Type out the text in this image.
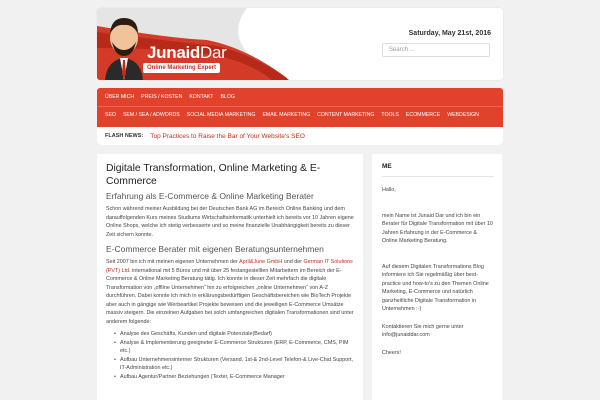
JunaidDar
Online Marketing Expert
Saturday, May 21st, 2016
Search ...
ÜBER MICH PREIS / KOSTEN KONTAKT BLOG
SEO SEM / SEA / ADWORDS SOCIAL MEDIA MARKETING EMAIL MARKETING CONTENT MARKETING TOOLS ECOMMERCE WEBDESIGN
FLASH NEWS: Top Practices to Raise the Bar of Your Website's SEO
Digitale Transformation, Online Marketing & E-Commerce
Erfahrung als E-Commerce & Online Marketing Berater
Schon während meiner Ausbildung bei der Deutschen Bank AG im Bereich Online Banking und dem darauffolgenden Kurs meines Studiums Wirtschaftsinformatik unterhielt ich bereits vor 10 Jahren eigene Online Shops, welche ich stetig verbesserte und so meine finanzielle Unabhängigkeit bereits zu dieser Zeit sichern konnte.
E-Commerce Berater mit eigenen Beratungsunternehmen
Seit 2007 bin ich mit meinen eigenen Unternehmen der April&June GmbH und der German IT Solutions (PVT) Ltd. international mit 5 Büros und mit über 25 festangestellten Mitarbeitern im Bereich der E-Commerce & Online Marketing Beratung tätig. Ich konnte in dieser Zeit mehrfach die digitale Transformation von „offline Unternehmen“ hin zu erfolgreichen „online Unternehmen“ von A-Z durchführen. Dabei konnte ich mich in erklärungsbedürftigen Geschäftsbereichen wie BioTech Projekte aber auch in gängige wie Werbeartikel Projekte beweisen und die jeweiligen E-Commerce Umsätze massiv steigern. Die einzelnen Aufgaben bei solch umfangreichen digitalen Transformationen sind unter anderem folgende:
• Analyse des Geschäfts, Kunden und digitale Potenziale(Bedarf)
• Analyse & Implementierung geeigneter E-Commerce Strukturen (ERP, E-Commerce, CMS, PIM etc.)
• Aufbau Unternehmensinterner Strukturen (Versand, 1st-& 2nd-Level Telefon-& Live-Chat Support, IT-Administration etc.)
• Aufbau Agentur/Partner Beziehungen (Texter, E-Commerce Manager
ME

Hallo,

mein Name ist Junaid Dar und ich bin ein Berater für Digitale Transformation mit über 10 Jahren Erfahrung in der E-Commerce & Online Marketing Beratung.

Auf diesem Digitalen Transformations Blog informiere ich Sie regelmäßig über best-practice und how-to's zu den Themen Online Marketing, E-Commerce und natürlich ganzheitliche Digitale Transformation in Unternehmen :-)

Kontaktieren Sie mich gerne unter info@junaiddar.com

Cheers!
